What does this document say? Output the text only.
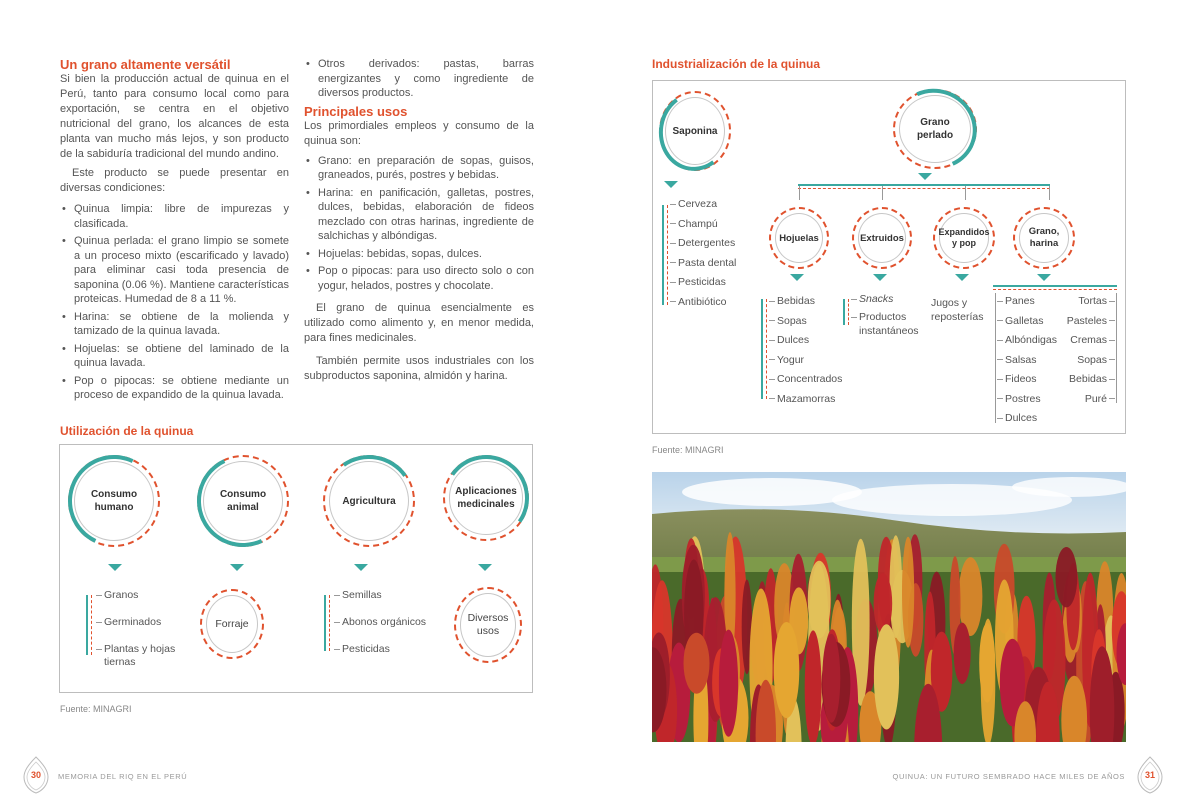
Un grano altamente versátil

Si bien la producción actual de quinua en el Perú, tanto para consumo local como para exportación, se centra en el objetivo nutricional del grano, los alcances de esta planta van mucho más lejos, y son producto de la sabiduría tradicional del mundo andino.

Este producto se puede presentar en diversas condiciones:

• Quinua limpia: libre de impurezas y clasificada.
• Quinua perlada: el grano limpio se somete a un proceso mixto (escarificado y lavado) para eliminar casi toda presencia de saponina (0.06 %). Mantiene características proteicas. Humedad de 8 a 11 %.
• Harina: se obtiene de la molienda y tamizado de la quinua lavada.
• Hojuelas: se obtiene del laminado de la quinua lavada.
• Pop o pipocas: se obtiene mediante un proceso de expandido de la quinua lavada.
• Otros derivados: pastas, barras energizantes y como ingrediente de diversos productos.
Principales usos

Los primordiales empleos y consumo de la quinua son:

• Grano: en preparación de sopas, guisos, graneados, purés, postres y bebidas.
• Harina: en panificación, galletas, postres, dulces, bebidas, elaboración de fideos mezclado con otras harinas, ingrediente de salchichas y albóndigas.
• Hojuelas: bebidas, sopas, dulces.
• Pop o pipocas: para uso directo solo o con yogur, helados, postres y chocolate.

El grano de quinua esencialmente es utilizado como alimento y, en menor medida, para fines medicinales.

También permite usos industriales con los subproductos saponina, almidón y harina.

Utilización de la quinua
Consumo humano
Consumo animal
Agricultura
Aplicaciones medicinales
Granos
Germinados
Plantas y hojas tiernas
Forraje
Semillas
Abonos orgánicos
Pesticidas
Diversos usos
Fuente: MINAGRI
Industrialización de la quinua
Saponina
Cerveza
Champú
Detergentes
Pasta dental
Pesticidas
Antibiótico
Grano perlado
Hojuelas	Extruidos
Expandidos y pop
Grano, harina
Bebidas
Sopas
Dulces
Yogur
Concentrados
Mazamorras
Snacks
Productos instantáneos
Jugos y reposterías
Panes
Galletas
Albóndigas
Salsas
Fideos
Postres
Dulces
Tortas
Pasteles
Cremas
Sopas
Bebidas
Puré
Fuente: MINAGRI
30	MEMORIA DEL RIQ EN EL PERÚ	QUINUA: UN FUTURO SEMBRADO HACE MILES DE AÑOS	31
